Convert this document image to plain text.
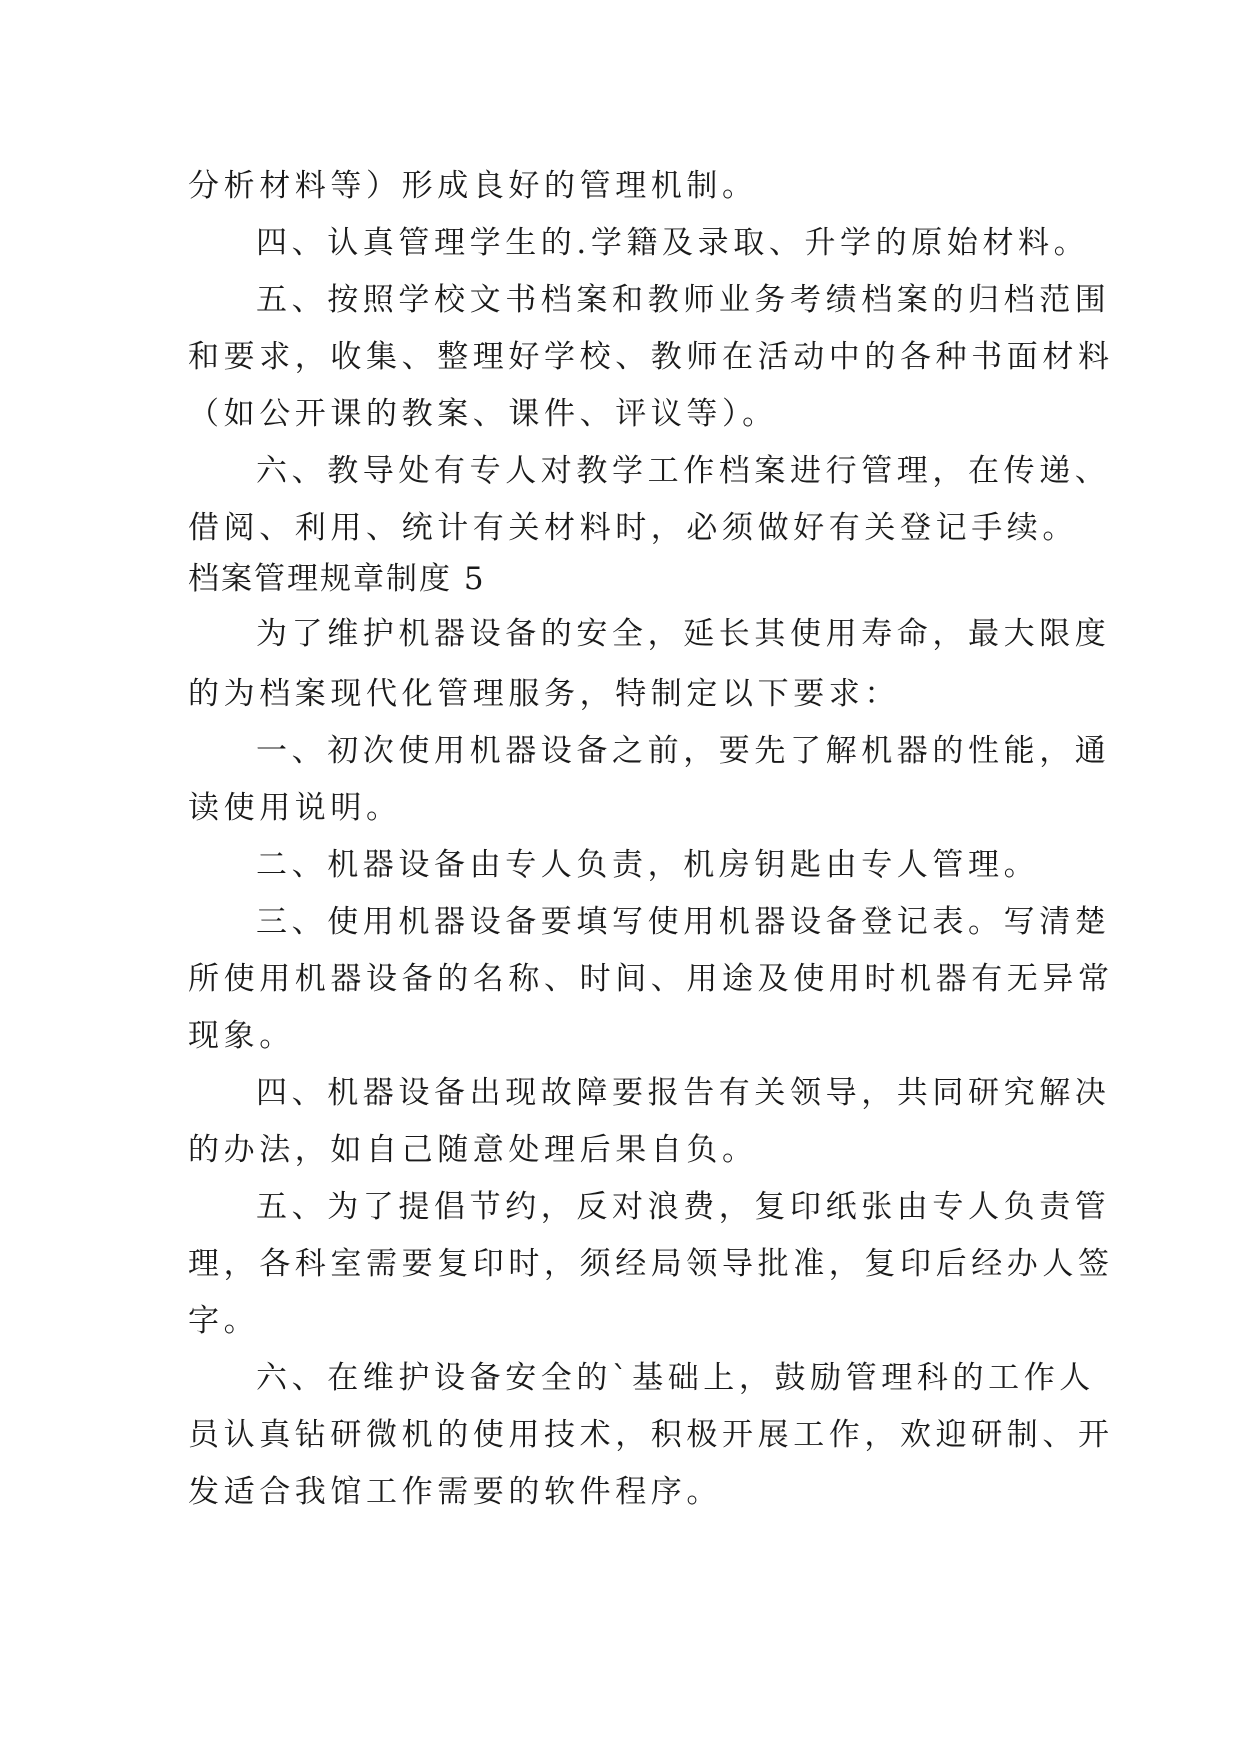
分析材料等）形成良好的管理机制。
四、认真管理学生的.学籍及录取、升学的原始材料。
五、按照学校文书档案和教师业务考绩档案的归档范围
和要求，收集、整理好学校、教师在活动中的各种书面材料
（如公开课的教案、课件、评议等）。
六、教导处有专人对教学工作档案进行管理，在传递、
借阅、利用、统计有关材料时，必须做好有关登记手续。
档案管理规章制度 5
为了维护机器设备的安全，延长其使用寿命，最大限度
的为档案现代化管理服务，特制定以下要求：
一、初次使用机器设备之前，要先了解机器的性能，通
读使用说明。
二、机器设备由专人负责，机房钥匙由专人管理。
三、使用机器设备要填写使用机器设备登记表。写清楚
所使用机器设备的名称、时间、用途及使用时机器有无异常
现象。
四、机器设备出现故障要报告有关领导，共同研究解决
的办法，如自己随意处理后果自负。
五、为了提倡节约，反对浪费，复印纸张由专人负责管
理，各科室需要复印时，须经局领导批准，复印后经办人签
字。
六、在维护设备安全的`基础上，鼓励管理科的工作人
员认真钻研微机的使用技术，积极开展工作，欢迎研制、开
发适合我馆工作需要的软件程序。
